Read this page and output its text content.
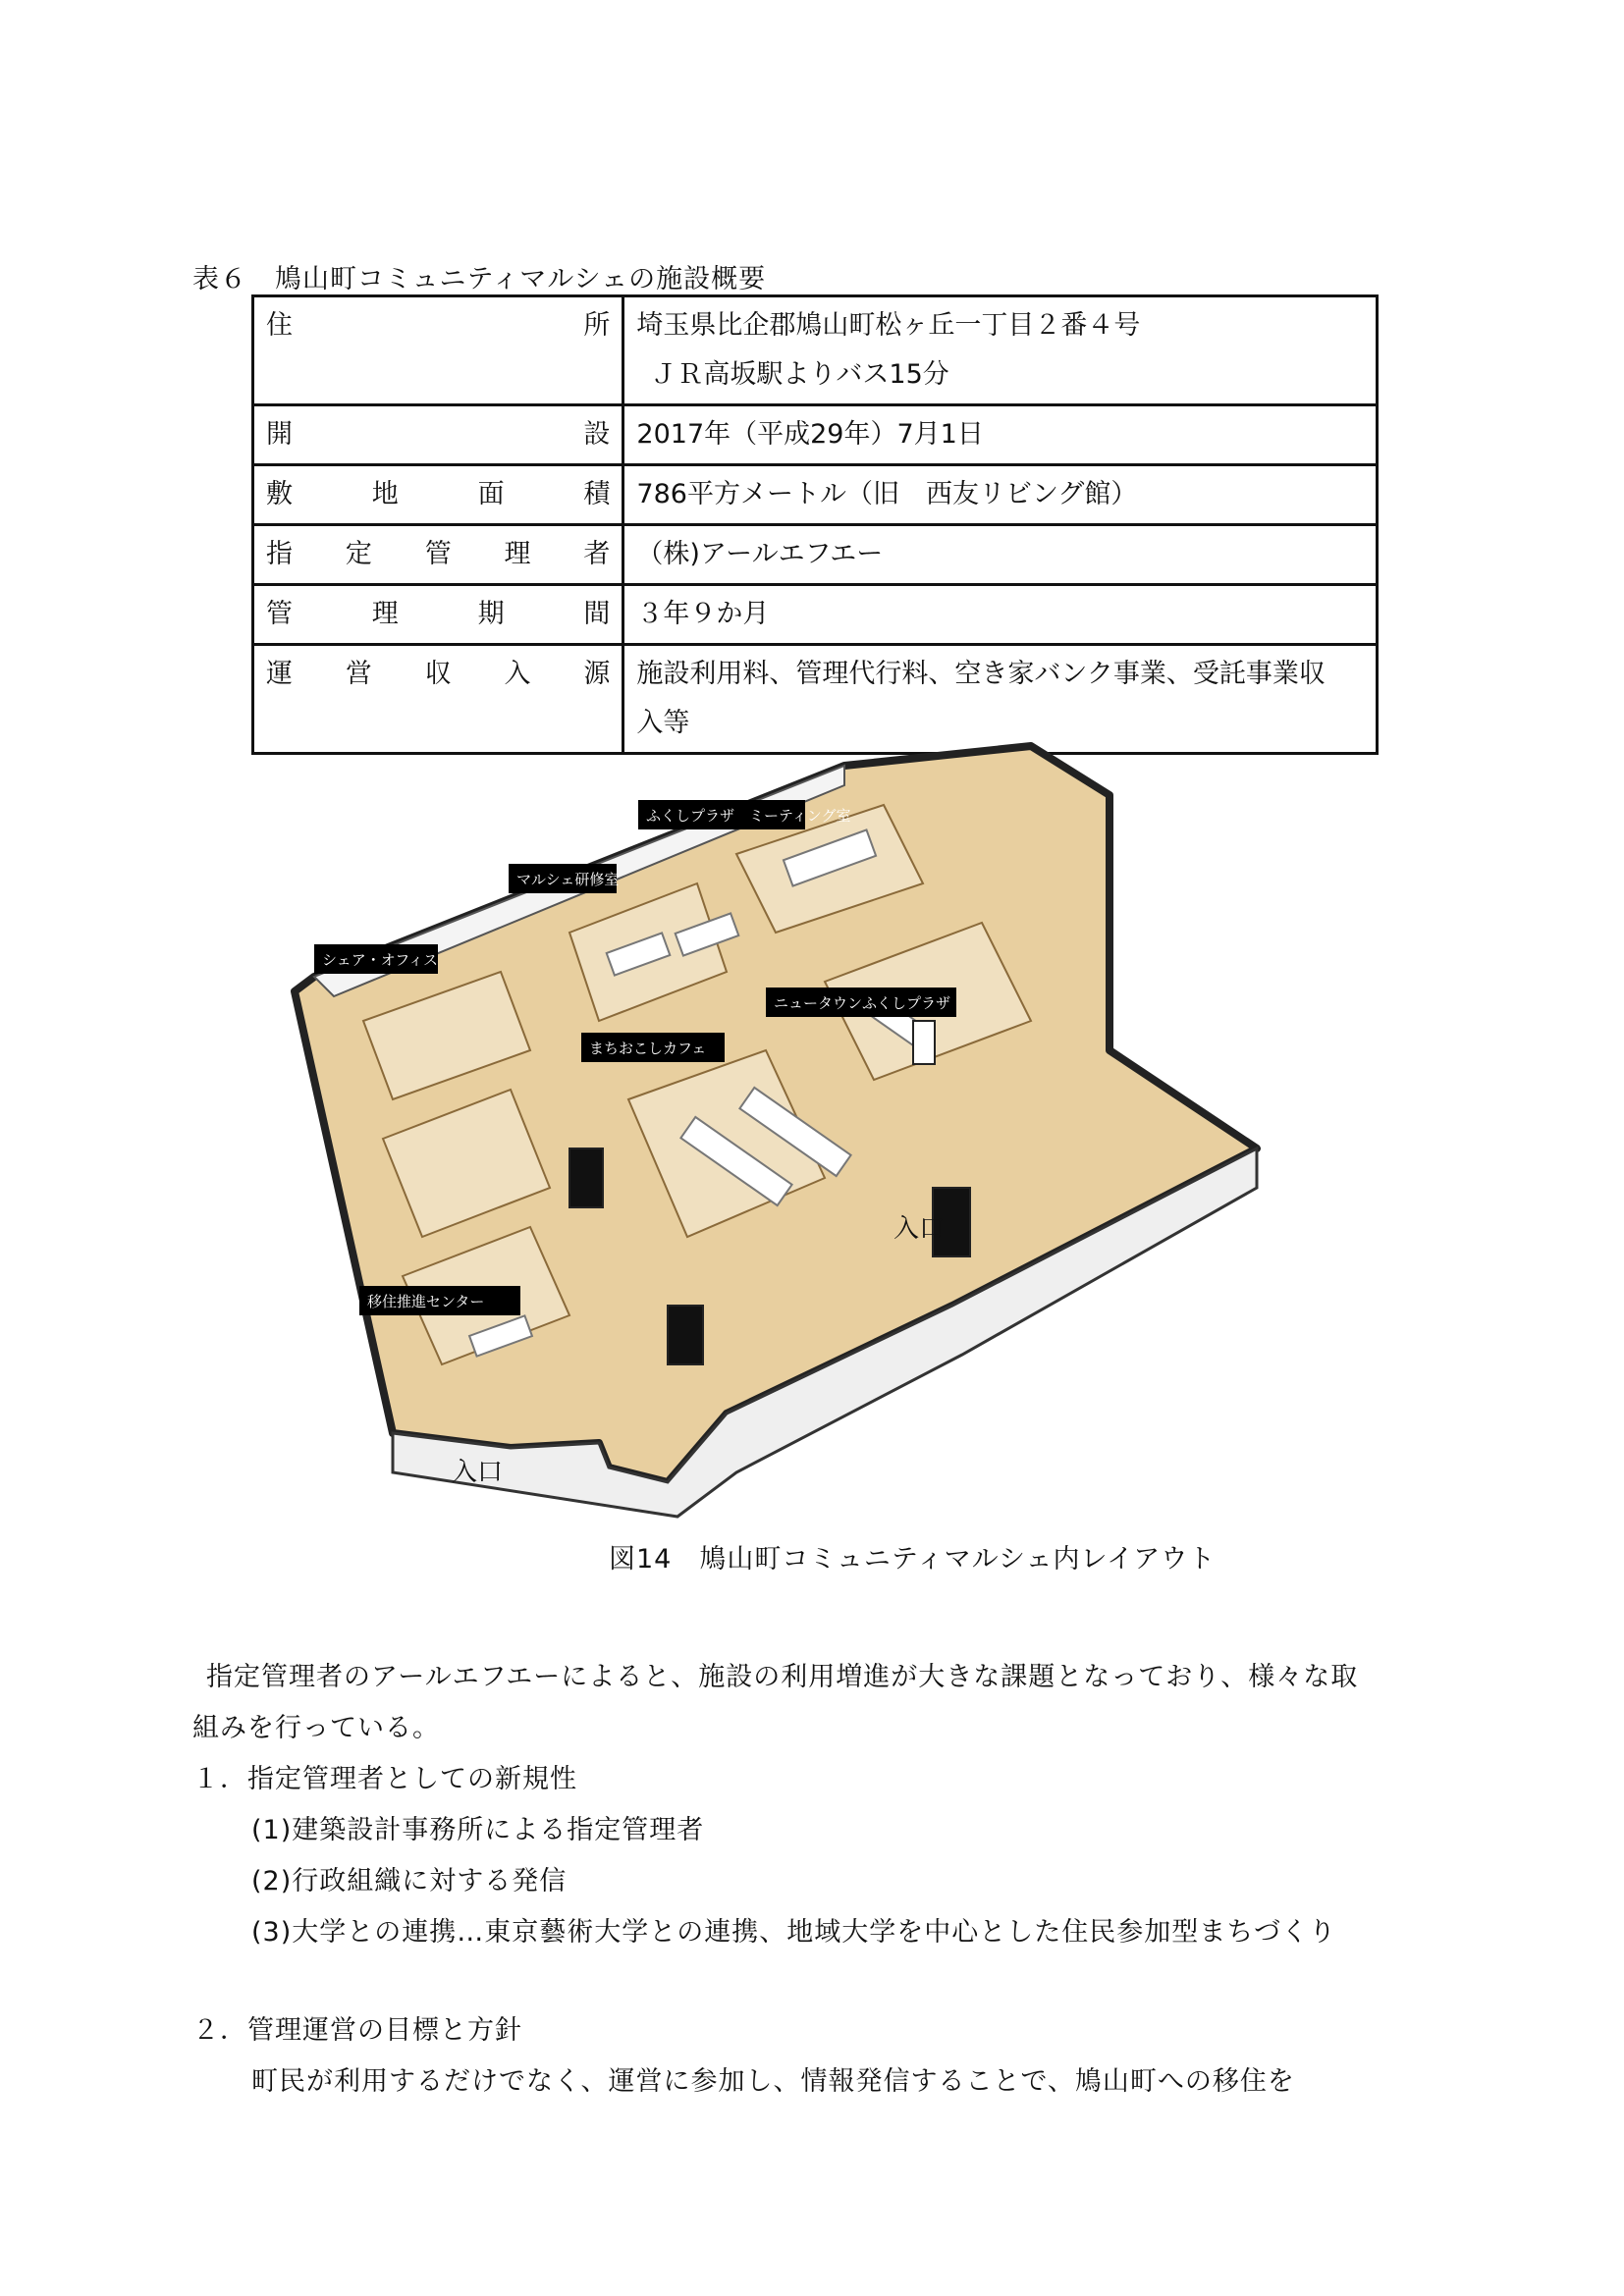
表６　鳩山町コミュニティマルシェの施設概要
住所	埼玉県比企郡鳩山町松ヶ丘一丁目２番４号
ＪＲ高坂駅よりバス15分

開設	2017年（平成29年）7月1日
敷地面積	786平方メートル（旧　西友リビング館）
指定管理者	（株)アールエフエー
管理期間	３年９か月
運営収入源	施設利用料、管理代行料、空き家バンク事業、受託事業収
入等
ふくしプラザ　ミーティング室
マルシェ研修室
シェア・オフィス
ニュータウンふくしプラザ
まちおこしカフェ
移住推進センター
入口
入口
図14　鳩山町コミュニティマルシェ内レイアウト
指定管理者のアールエフエーによると、施設の利用増進が大きな課題となっており、様々な取
組みを行っている。
１．指定管理者としての新規性
(1)建築設計事務所による指定管理者
(2)行政組織に対する発信
(3)大学との連携…東京藝術大学との連携、地域大学を中心とした住民参加型まちづくり
２．管理運営の目標と方針
町民が利用するだけでなく、運営に参加し、情報発信することで、鳩山町への移住を
